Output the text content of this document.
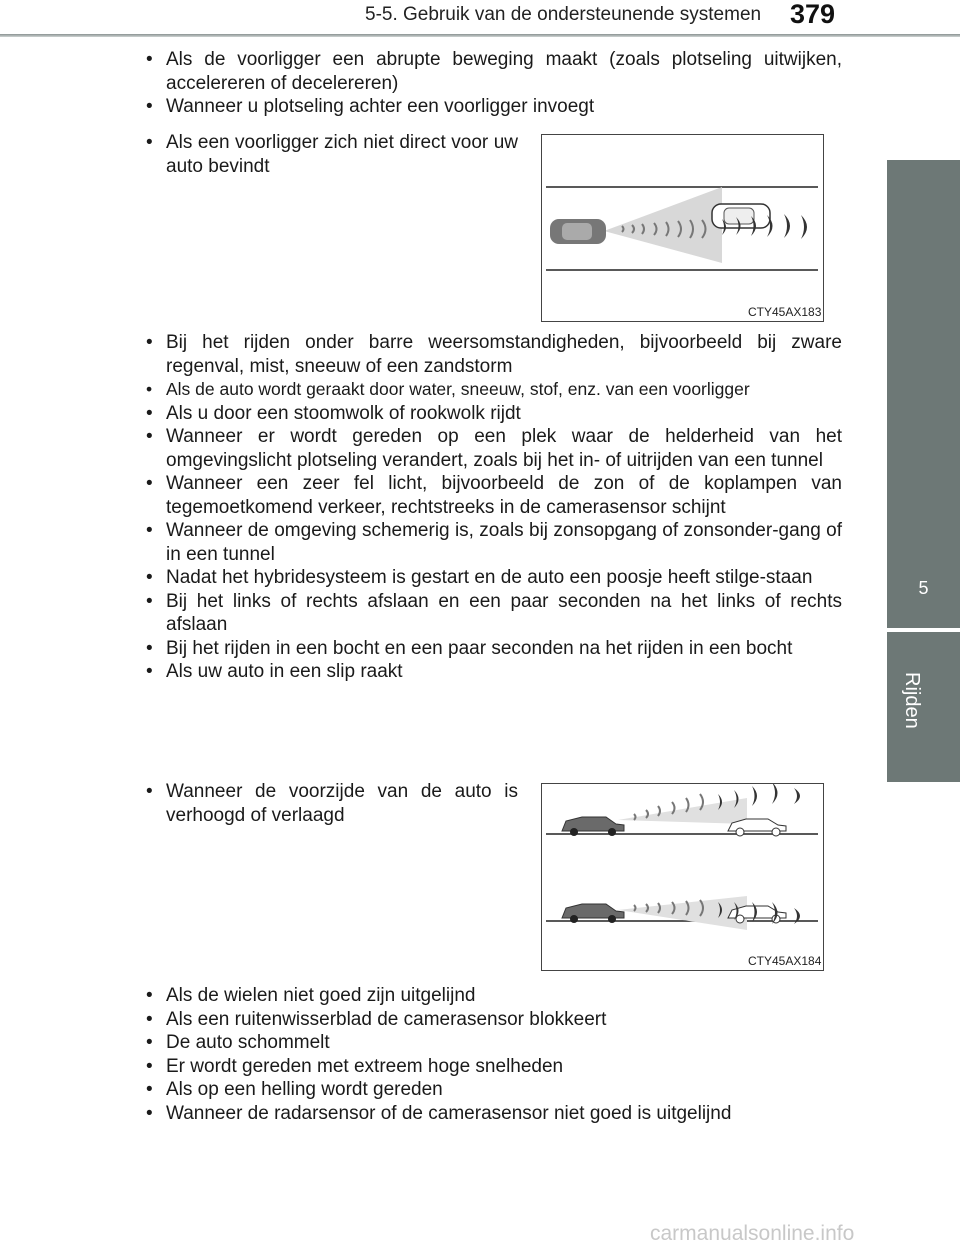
5-5. Gebruik van de ondersteunende systemen 379
5
Rijden
• Als de voorligger een abrupte beweging maakt (zoals plotseling uitwijken, accelereren of decelereren)
• Wanneer u plotseling achter een voorligger invoegt
• Als een voorligger zich niet direct voor uw auto bevindt
CTY45AX183
• Bij het rijden onder barre weersomstandigheden, bijvoorbeeld bij zware regenval, mist, sneeuw of een zandstorm
• Als de auto wordt geraakt door water, sneeuw, stof, enz. van een voorligger
• Als u door een stoomwolk of rookwolk rijdt
• Wanneer er wordt gereden op een plek waar de helderheid van het omgevingslicht plotseling verandert, zoals bij het in- of uitrijden van een tunnel
• Wanneer een zeer fel licht, bijvoorbeeld de zon of de koplampen van tegemoetkomend verkeer, rechtstreeks in de camerasensor schijnt
• Wanneer de omgeving schemerig is, zoals bij zonsopgang of zonsonder-gang of in een tunnel
• Nadat het hybridesysteem is gestart en de auto een poosje heeft stilge-staan
• Bij het links of rechts afslaan en een paar seconden na het links of rechts afslaan
• Bij het rijden in een bocht en een paar seconden na het rijden in een bocht
• Als uw auto in een slip raakt
• Wanneer de voorzijde van de auto is verhoogd of verlaagd
CTY45AX184
• Als de wielen niet goed zijn uitgelijnd
• Als een ruitenwisserblad de camerasensor blokkeert
• De auto schommelt
• Er wordt gereden met extreem hoge snelheden
• Als op een helling wordt gereden
• Wanneer de radarsensor of de camerasensor niet goed is uitgelijnd
carmanualsonline.info
